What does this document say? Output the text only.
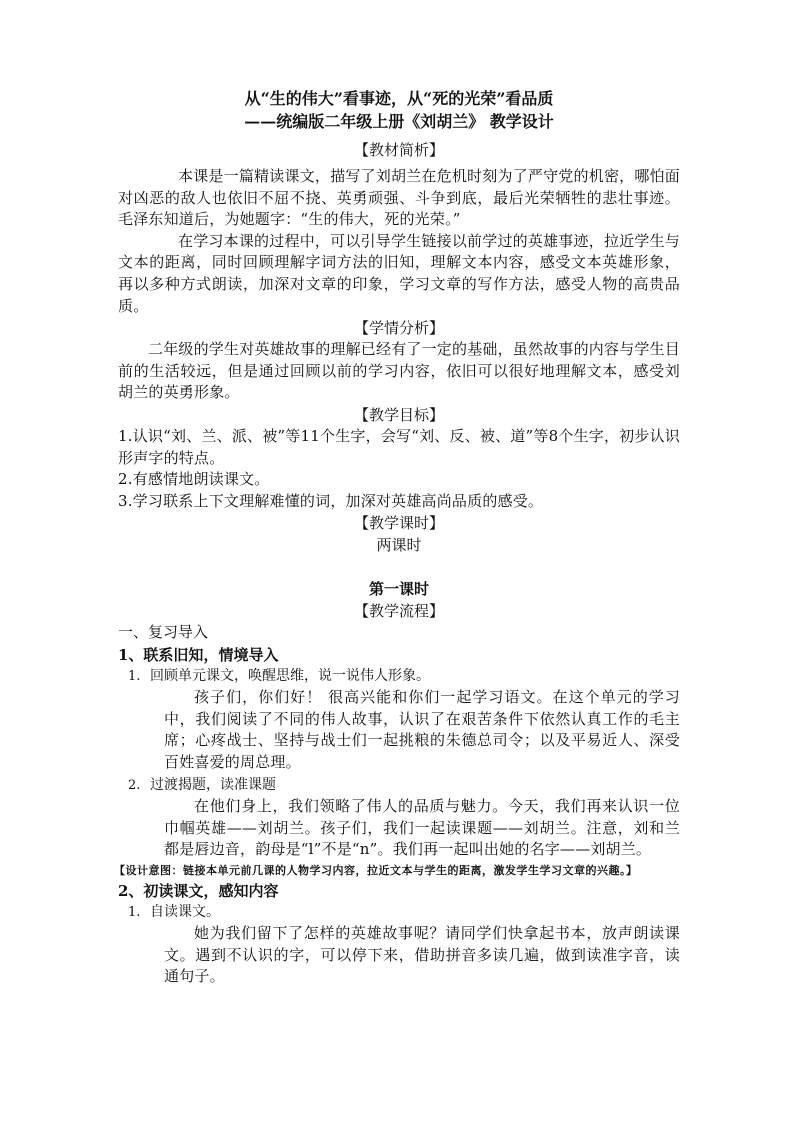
从“生的伟大”看事迹，从“死的光荣”看品质
——统编版二年级上册《刘胡兰》 教学设计
【教材简析】

本课是一篇精读课文，描写了刘胡兰在危机时刻为了严守党的机密，哪怕面对凶恶的敌人也依旧不屈不挠、英勇顽强、斗争到底，最后光荣牺牲的悲壮事迹。毛泽东知道后，为她题字：“生的伟大，死的光荣。”

在学习本课的过程中，可以引导学生链接以前学过的英雄事迹，拉近学生与文本的距离，同时回顾理解字词方法的旧知，理解文本内容，感受文本英雄形象，再以多种方式朗读，加深对文章的印象，学习文章的写作方法，感受人物的高贵品质。

【学情分析】

二年级的学生对英雄故事的理解已经有了一定的基础，虽然故事的内容与学生目前的生活较远，但是通过回顾以前的学习内容，依旧可以很好地理解文本，感受刘胡兰的英勇形象。

【教学目标】

1.认识“刘、兰、派、被”等11个生字，会写“刘、反、被、道”等8个生字，初步认识形声字的特点。

2.有感情地朗读课文。

3.学习联系上下文理解难懂的词，加深对英雄高尚品质的感受。

【教学课时】
两课时
第一课时
【教学流程】
一、复习导入
1、联系旧知，情境导入
1. 回顾单元课文，唤醒思维，说一说伟人形象。

孩子们，你们好！ 很高兴能和你们一起学习语文。在这个单元的学习中，我们阅读了不同的伟人故事，认识了在艰苦条件下依然认真工作的毛主席；心疼战士、坚持与战士们一起挑粮的朱德总司令；以及平易近人、深受百姓喜爱的周总理。

2. 过渡揭题，读准课题

在他们身上，我们领略了伟人的品质与魅力。今天，我们再来认识一位巾帼英雄——刘胡兰。孩子们，我们一起读课题——刘胡兰。注意，刘和兰都是唇边音，韵母是“l”不是“n”。我们再一起叫出她的名字——刘胡兰。

【设计意图：链接本单元前几课的人物学习内容，拉近文本与学生的距离，激发学生学习文章的兴趣。】
2、初读课文，感知内容
1. 自读课文。

她为我们留下了怎样的英雄故事呢？请同学们快拿起书本，放声朗读课文。遇到不认识的字，可以停下来，借助拼音多读几遍，做到读准字音，读通句子。
